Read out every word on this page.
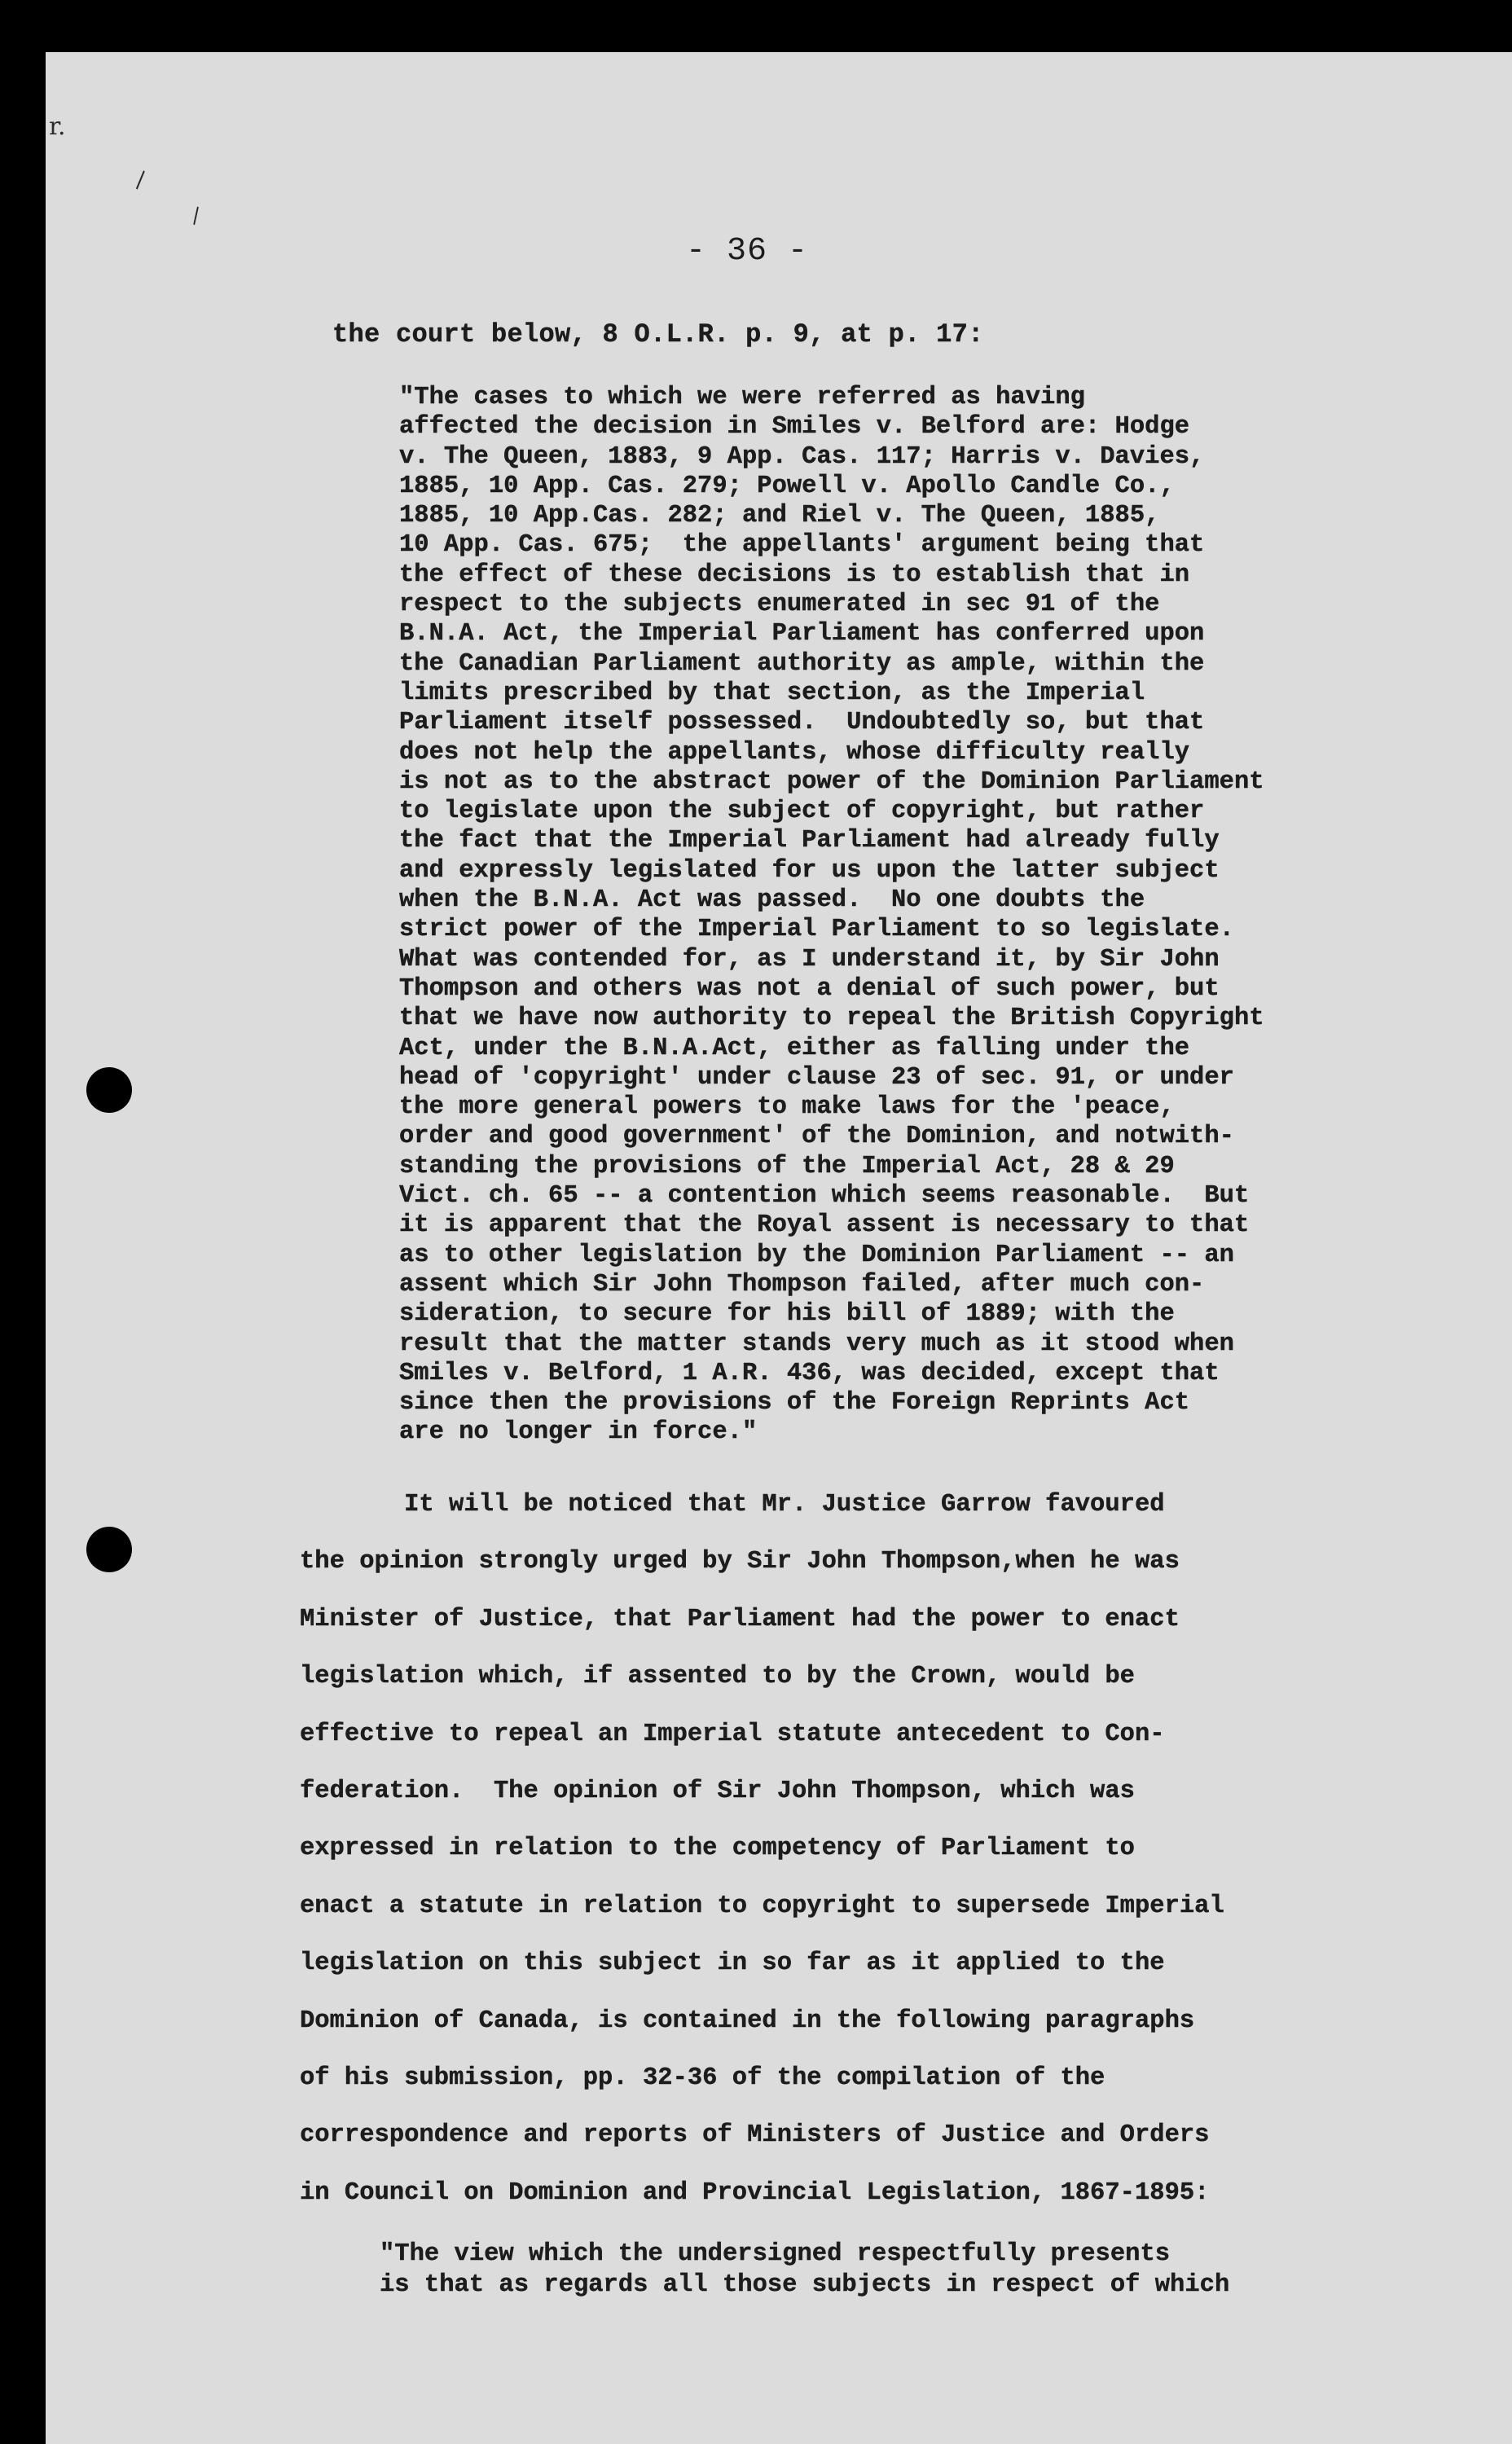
r.
\
\
- 36 -
the court below, 8 O.L.R. p. 9, at p. 17:
"The cases to which we were referred as having
affected the decision in Smiles v. Belford are: Hodge
v. The Queen, 1883, 9 App. Cas. 117; Harris v. Davies,
1885, 10 App. Cas. 279; Powell v. Apollo Candle Co.,
1885, 10 App.Cas. 282; and Riel v. The Queen, 1885,
10 App. Cas. 675;  the appellants' argument being that
the effect of these decisions is to establish that in
respect to the subjects enumerated in sec 91 of the
B.N.A. Act, the Imperial Parliament has conferred upon
the Canadian Parliament authority as ample, within the
limits prescribed by that section, as the Imperial
Parliament itself possessed.  Undoubtedly so, but that
does not help the appellants, whose difficulty really
is not as to the abstract power of the Dominion Parliament
to legislate upon the subject of copyright, but rather
the fact that the Imperial Parliament had already fully
and expressly legislated for us upon the latter subject
when the B.N.A. Act was passed.  No one doubts the
strict power of the Imperial Parliament to so legislate.
What was contended for, as I understand it, by Sir John
Thompson and others was not a denial of such power, but
that we have now authority to repeal the British Copyright
Act, under the B.N.A.Act, either as falling under the
head of 'copyright' under clause 23 of sec. 91, or under
the more general powers to make laws for the 'peace,
order and good government' of the Dominion, and notwith-
standing the provisions of the Imperial Act, 28 & 29
Vict. ch. 65 -- a contention which seems reasonable.  But
it is apparent that the Royal assent is necessary to that
as to other legislation by the Dominion Parliament -- an
assent which Sir John Thompson failed, after much con-
sideration, to secure for his bill of 1889; with the
result that the matter stands very much as it stood when
Smiles v. Belford, 1 A.R. 436, was decided, except that
since then the provisions of the Foreign Reprints Act
are no longer in force."
It will be noticed that Mr. Justice Garrow favoured
the opinion strongly urged by Sir John Thompson,when he was
Minister of Justice, that Parliament had the power to enact
legislation which, if assented to by the Crown, would be
effective to repeal an Imperial statute antecedent to Con-
federation.  The opinion of Sir John Thompson, which was
expressed in relation to the competency of Parliament to
enact a statute in relation to copyright to supersede Imperial
legislation on this subject in so far as it applied to the
Dominion of Canada, is contained in the following paragraphs
of his submission, pp. 32-36 of the compilation of the
correspondence and reports of Ministers of Justice and Orders
in Council on Dominion and Provincial Legislation, 1867-1895:
"The view which the undersigned respectfully presents
is that as regards all those subjects in respect of which
